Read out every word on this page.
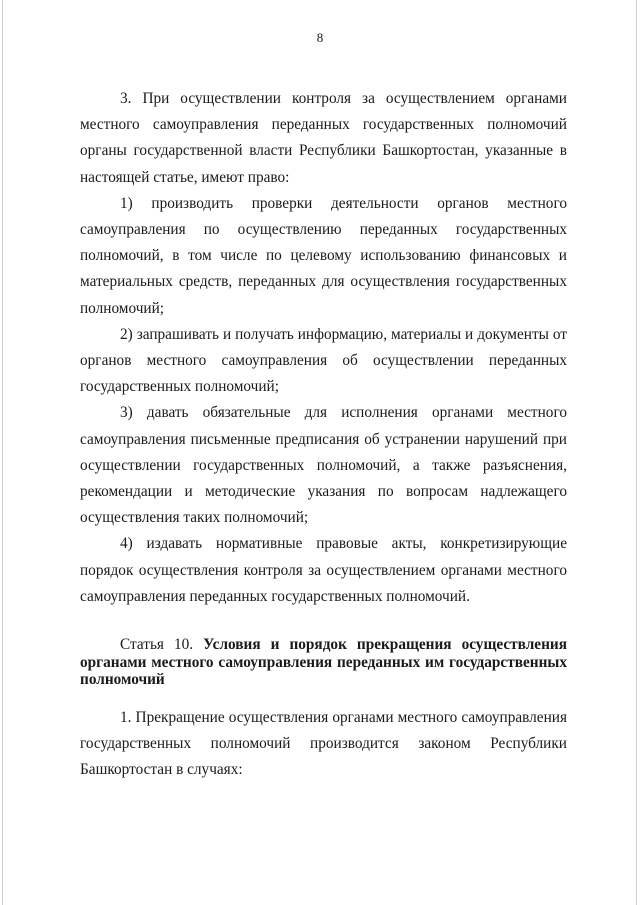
8

3. При осуществлении контроля за осуществлением органами местного самоуправления переданных государственных полномочий органы государственной власти Республики Башкортостан, указанные в настоящей статье, имеют право:

1) производить проверки деятельности органов местного самоуправления по осуществлению переданных государственных полномочий, в том числе по целевому использованию финансовых и материальных средств, переданных для осуществления государственных полномочий;

2) запрашивать и получать информацию, материалы и документы от органов местного самоуправления об осуществлении переданных государственных полномочий;

3) давать обязательные для исполнения органами местного самоуправления письменные предписания об устранении нарушений при осуществлении государственных полномочий, а также разъяснения, рекомендации и методические указания по вопросам надлежащего осуществления таких полномочий;

4) издавать нормативные правовые акты, конкретизирующие порядок осуществления контроля за осуществлением органами местного самоуправления переданных государственных полномочий.

Статья 10. Условия и порядок прекращения осуществления органами местного самоуправления переданных им государственных полномочий

1. Прекращение осуществления органами местного самоуправления государственных полномочий производится законом Республики Башкортостан в случаях:
